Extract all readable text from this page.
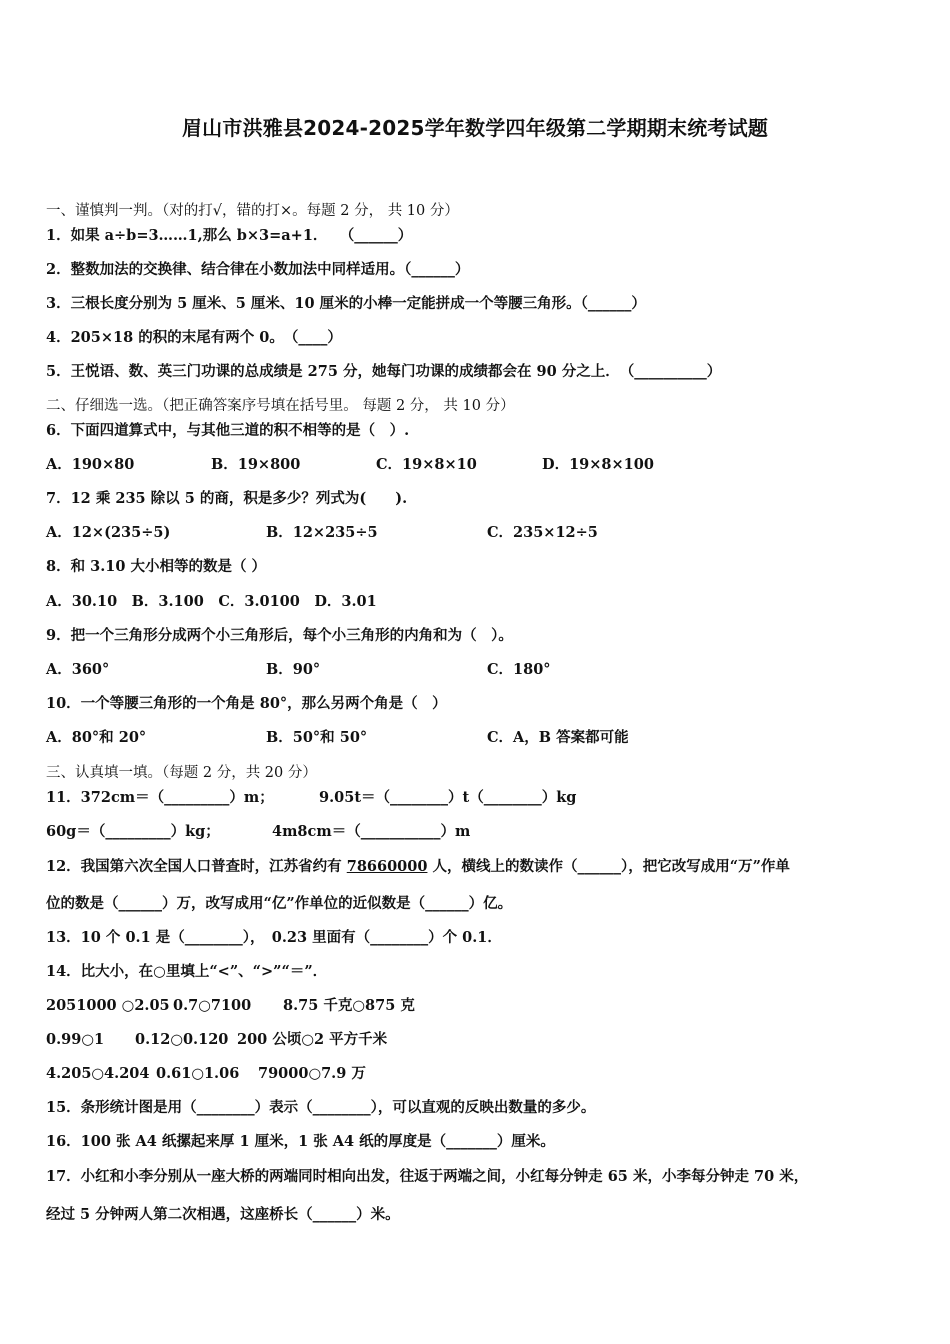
眉山市洪雅县2024-2025学年数学四年级第二学期期末统考试题
一、谨慎判一判。（对的打√，错的打×。每题 2 分， 共 10 分）
1．如果 a÷b=3……1,那么 b×3=a+1．　 （______）
2．整数加法的交换律、结合律在小数加法中同样适用。（______）
3．三根长度分别为 5 厘米、5 厘米、10 厘米的小棒一定能拼成一个等腰三角形。（______）
4．205×18 的积的末尾有两个 0。　（____）
5．王悦语、数、英三门功课的总成绩是 275 分，她每门功课的成绩都会在 90 分之上．　（__________）
二、仔细选一选。（把正确答案序号填在括号里。 每题 2 分， 共 10 分）
6．下面四道算式中，与其他三道的积不相等的是（　）.
A．190×80	B．19×800	C．19×8×10	D．19×8×100
7．12 乘 235 除以 5 的商，积是多少？列式为(　　).
A．12×(235÷5)	B．12×235÷5	C．235×12÷5
8．和 3.10 大小相等的数是（ ）
A．30.10　B．3.100　C．3.0100　D．3.01
9．把一个三角形分成两个小三角形后，每个小三角形的内角和为（　）。
A．360°	B．90°	C．180°
10．一个等腰三角形的一个角是 80°，那么另两个角是（　）
A．80°和 20°	B．50°和 50°	C．A，B 答案都可能
三、认真填一填。（每题 2 分，共 20 分）
11．372cm＝（_________）m；	9.05t＝（________）t（________）kg
60g＝（_________）kg；	4m8cm＝（___________）m
12．我国第六次全国人口普查时，江苏省约有 78660000 人，横线上的数读作（______），把它改写成用“万”作单
位的数是（______）万，改写成用“亿”作单位的近似数是（______）亿。
13．10 个 0.1 是（________），　0.23 里面有（________）个 0.1．
14．比大小，在○里填上“<”、“>”“＝”．
2051000 ○2.05 0.7○7100 8.75 千克○875 克
0.99○1 0.12○0.120 200 公顷○2 平方千米
4.205○4.204 0.61○1.06 79000○7.9 万
15．条形统计图是用（________）表示（________），可以直观的反映出数量的多少。
16．100 张 A4 纸摞起来厚 1 厘米，1 张 A4 纸的厚度是（_______）厘米。
17．小红和小李分别从一座大桥的两端同时相向出发，往返于两端之间，小红每分钟走 65 米，小李每分钟走 70 米，
经过 5 分钟两人第二次相遇，这座桥长（______）米。
